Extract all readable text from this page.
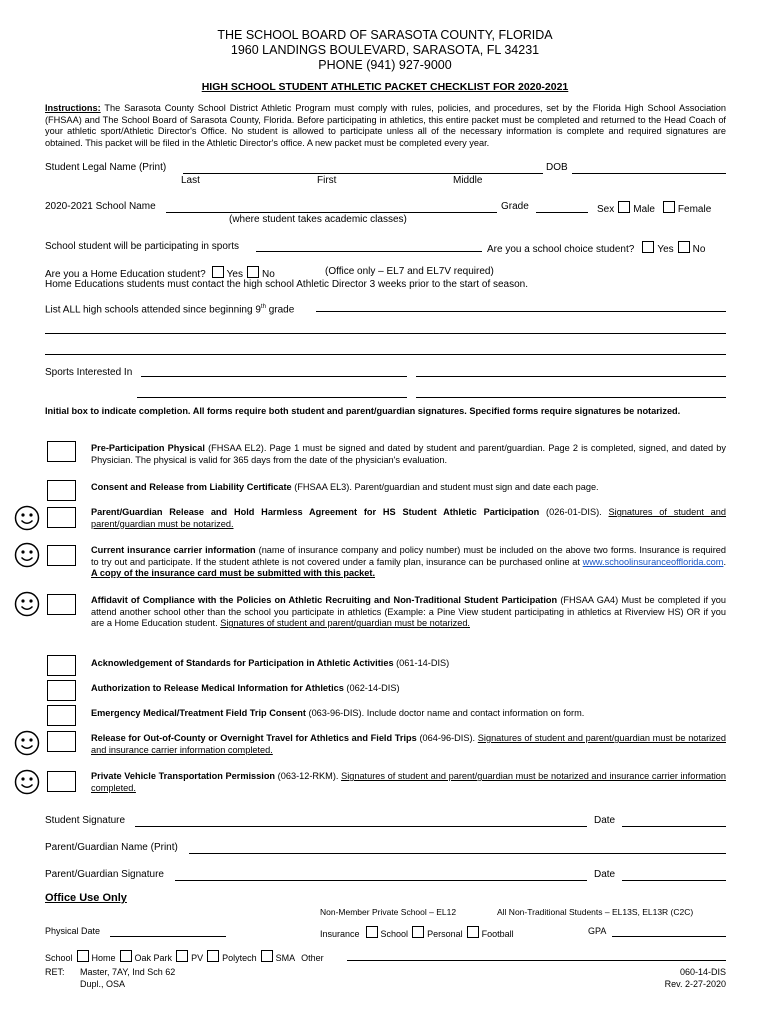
THE SCHOOL BOARD OF SARASOTA COUNTY, FLORIDA
1960 LANDINGS BOULEVARD, SARASOTA, FL 34231
PHONE (941) 927-9000
HIGH SCHOOL STUDENT ATHLETIC PACKET CHECKLIST FOR 2020-2021
Instructions: The Sarasota County School District Athletic Program must comply with rules, policies, and procedures, set by the Florida High School Association (FHSAA) and The School Board of Sarasota County, Florida. Before participating in athletics, this entire packet must be completed and returned to the Head Coach of your athletic sport/Athletic Director's Office. No student is allowed to participate unless all of the necessary information is complete and required signatures are obtained. This packet will be filed in the Athletic Director's office. A new packet must be completed every year.
Student Legal Name (Print)	DOB
Last	First	Middle
2020-2021 School Name	Grade	Sex Male Female
(where student takes academic classes)
School student will be participating in sports	Are you a school choice student? Yes No
Are you a Home Education student? Yes No	(Office only – EL7 and EL7V required)
Home Educations students must contact the high school Athletic Director 3 weeks prior to the start of season.
List ALL high schools attended since beginning 9th grade
Sports Interested In
Initial box to indicate completion. All forms require both student and parent/guardian signatures. Specified forms require signatures be notarized.
Pre-Participation Physical (FHSAA EL2). Page 1 must be signed and dated by student and parent/guardian. Page 2 is completed, signed, and dated by Physician. The physical is valid for 365 days from the date of the physician's evaluation.
Consent and Release from Liability Certificate (FHSAA EL3). Parent/guardian and student must sign and date each page.
Parent/Guardian Release and Hold Harmless Agreement for HS Student Athletic Participation (026-01-DIS). Signatures of student and parent/guardian must be notarized.
Current insurance carrier information (name of insurance company and policy number) must be included on the above two forms. Insurance is required to try out and participate. If the student athlete is not covered under a family plan, insurance can be purchased online at www.schoolinsuranceofflorida.com. A copy of the insurance card must be submitted with this packet.
Affidavit of Compliance with the Policies on Athletic Recruiting and Non-Traditional Student Participation (FHSAA GA4) Must be completed if you attend another school other than the school you participate in athletics (Example: a Pine View student participating in athletics at Riverview HS) OR if you are a Home Education student. Signatures of student and parent/guardian must be notarized.
Acknowledgement of Standards for Participation in Athletic Activities (061-14-DIS)
Authorization to Release Medical Information for Athletics (062-14-DIS)
Emergency Medical/Treatment Field Trip Consent (063-96-DIS). Include doctor name and contact information on form.
Release for Out-of-County or Overnight Travel for Athletics and Field Trips (064-96-DIS). Signatures of student and parent/guardian must be notarized and insurance carrier information completed.
Private Vehicle Transportation Permission (063-12-RKM). Signatures of student and parent/guardian must be notarized and insurance carrier information completed.
Student Signature	Date
Parent/Guardian Name (Print)
Parent/Guardian Signature	Date
Office Use Only
Non-Member Private School – EL12	All Non-Traditional Students – EL13S, EL13R (C2C)
Physical Date	Insurance School Personal Football	GPA
School Home Oak Park PV Polytech SMA Other
RET: Master, 7AY, Ind Sch 62
Dupl., OSA
060-14-DIS
Rev. 2-27-2020
